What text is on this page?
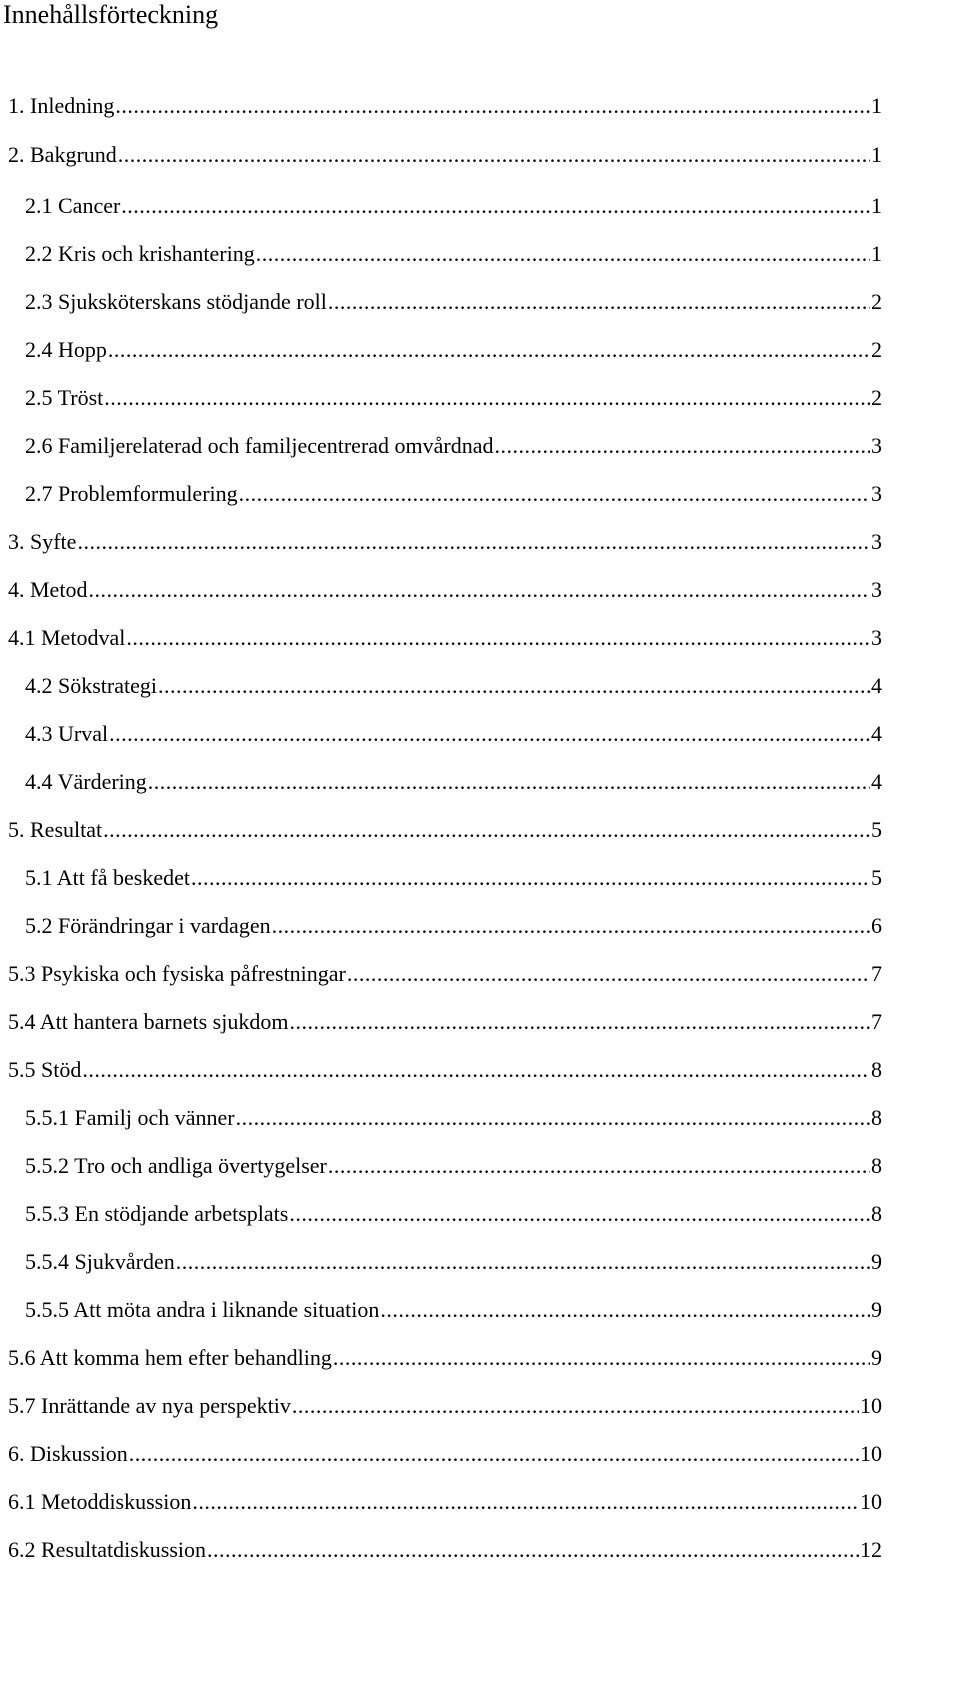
Innehållsförteckning
1. Inledning .....	1
2. Bakgrund .....	1
2.1 Cancer .....	1
2.2 Kris och krishantering .....	1
2.3 Sjuksköterskans stödjande roll .....	2
2.4 Hopp .....	2
2.5 Tröst .....	2
2.6 Familjerelaterad och familjecentrerad omvårdnad .....	3
2.7 Problemformulering .....	3
3. Syfte .....	3
4. Metod .....	3
4.1 Metodval .....	3
4.2 Sökstrategi .....	4
4.3 Urval .....	4
4.4 Värdering .....	4
5. Resultat .....	5
5.1 Att få beskedet .....	5
5.2 Förändringar i vardagen .....	6
5.3 Psykiska och fysiska påfrestningar .....	7
5.4 Att hantera barnets sjukdom .....	7
5.5 Stöd .....	8
5.5.1 Familj och vänner .....	8
5.5.2 Tro och andliga övertygelser .....	8
5.5.3 En stödjande arbetsplats .....	8
5.5.4 Sjukvården .....	9
5.5.5 Att möta andra i liknande situation .....	9
5.6 Att komma hem efter behandling .....	9
5.7 Inrättande av nya perspektiv .....	10
6. Diskussion .....	10
6.1 Metoddiskussion .....	10
6.2 Resultatdiskussion .....	12
